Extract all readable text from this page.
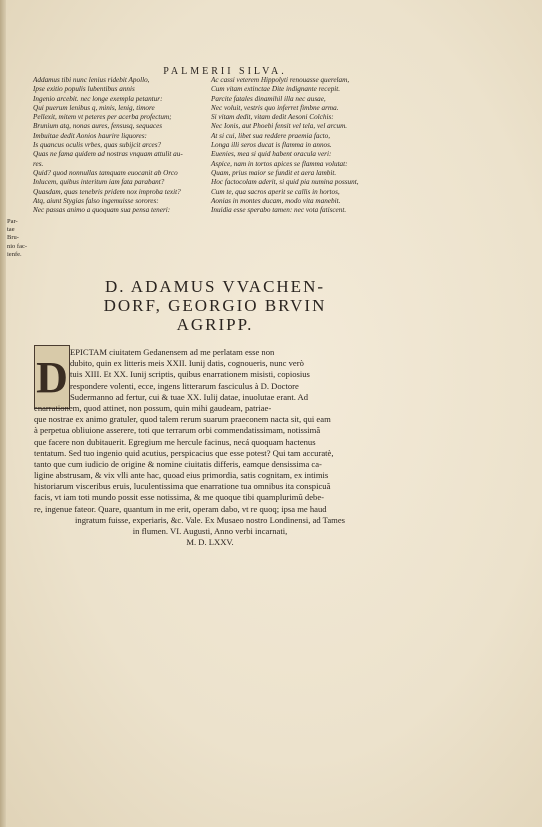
PALMERII SILVA.
Addamus tibi nunc lenius ridebit Apollo,
Ipse exitio populis lubentibus annis
Ingenio arcebit. nec longe exempla petantur:
Qui puerum lenibus q, minis, lenig, timore
Pellexit, mitem vt peteres per acerba profectum;
Brunium atq, nonas aures, fensusq, sequaces
Imbuitae dedit Aonios haurire liquores:
Is quancus oculis vrbes, quas subijcit arces?
Quas ne fama quidem ad nostras vnquam attulit au-
res.
Quid? quod nonnullas tamquam euocanit ab Orco
Inlucem, quibus interitum iam fata parabant?
Quasdam, quas tenebris pridem nox improba texit?
Atq, aiunt Stygias falso ingemuisse sorores:
Nec passas animo a quoquam sua pensa teneri:
Ac cassi veterem Hippolyti renouasse querelam,
Cum vitam extinctae Dite indignante recepit.
Parcite fatales dinamihil illa nec ausae,
Nec voluit, vestris quo inferret fimbne arma.
Si vitam dedit, vitam dedit Aesoni Colchis:
Nec Ionis, aut Phoebi fensit vel tela, vel arcum.
At si cui, libet sua reddere praemia facto,
Longa illi seros ducat is flamma in annos.
Euenies, mea si quid habent oracula veri:
Aspice, nam in tortos apices se flamma volutat:
Quam, prius maior se fundit et aera lambit.
Hoc factocolam aderit, si quid pia numina possunt,
Cum te, qua sacros aperit se callis in hortos,
Aonias in montes ducam, modo vita manebit.
Inuidia esse sperabo tamen: nec vota fatiscent.
Par-
tae
Bru-
nio fac-
ienfe.
D. ADAMUS VVACHEN-
DORF, GEORGIO BRVIN
AGRIPP.
D
EPICTAM ciuitatem Gedanensem ad me perlatam esse non
dubito, quin ex litteris meis XXII. Iunij datis, cognoueris, nunc verò
tuis XIII. Et XX. Iunij scriptis, quibus enarrationem misisti, copiosius
respondere volenti, ecce, ingens litterarum fasciculus à D. Doctore
Sudermanno ad fertur, cui & tuae XX. Iulij datae, inuolutae erant. Ad
enarrationem, quod attinet, non possum, quin mihi gaudeam, patriae-
que nostrae ex animo gratuler, quod talem rerum suarum praeconem nacta sit, qui eam
à perpetua obliuione asserere, toti que terrarum orbi commendatissimam, notissimã
que facere non dubitauerit. Egregium me hercule facinus, necá quoquam hactenus
tentatum. Sed tuo ingenio quid acutius, perspicacius que esse potest? Qui tam accuratè,
tanto que cum iudicio de origine & nomine ciuitatis differis, eamque densissima ca-
ligine abstrusam, & vix vlli ante hac, quoad eius primordia, satis cognitam, ex intimis
historiarum visceribus eruis, luculentissima que enarratione tua omnibus ita conspicuã
facis, vt iam toti mundo possit esse notissima, & me quoque tibi quamplurimũ debe-
re, ingenue fateor. Quare, quantum in me erit, operam dabo, vt re quoq; ipsa me haud
ingratum fuisse, experiaris, &c. Vale. Ex Musaeo nostro Londinensi, ad Tames
in flumen. VI. Augusti, Anno verbi incarnati,
M. D. LXXV.
